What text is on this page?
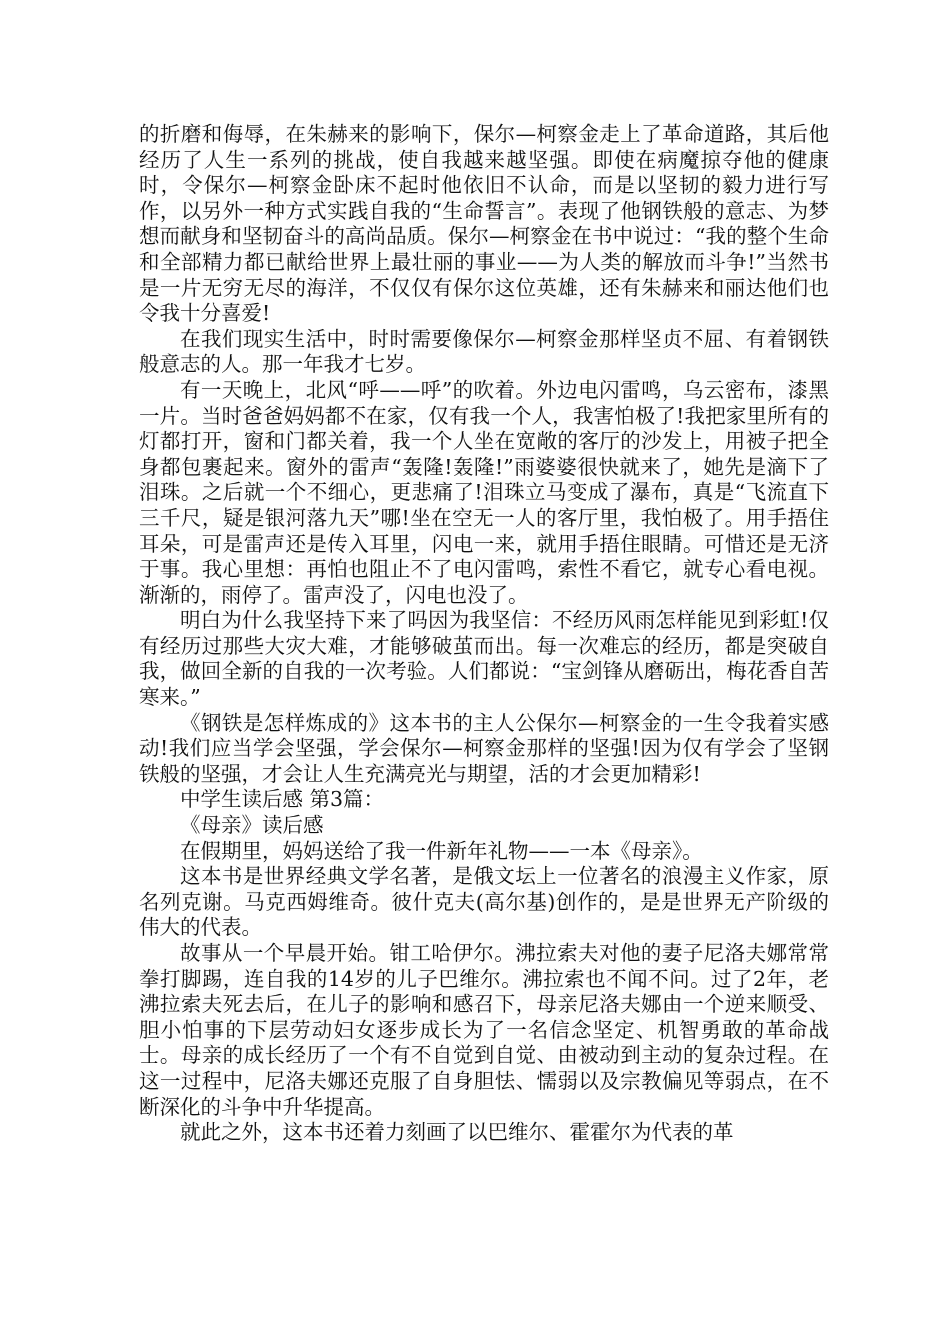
的折磨和侮辱，在朱赫来的影响下，保尔—柯察金走上了革命道路，其后他经历了人生一系列的挑战，使自我越来越坚强。即使在病魔掠夺他的健康时，令保尔—柯察金卧床不起时他依旧不认命，而是以坚韧的毅力进行写作，以另外一种方式实践自我的“生命誓言”。表现了他钢铁般的意志、为梦想而献身和坚韧奋斗的高尚品质。保尔—柯察金在书中说过：“我的整个生命和全部精力都已献给世界上最壮丽的事业——为人类的解放而斗争!”当然书是一片无穷无尽的海洋，不仅仅有保尔这位英雄，还有朱赫来和丽达他们也令我十分喜爱!

在我们现实生活中，时时需要像保尔—柯察金那样坚贞不屈、有着钢铁般意志的人。那一年我才七岁。

有一天晚上，北风“呼——呼”的吹着。外边电闪雷鸣，乌云密布，漆黑一片。当时爸爸妈妈都不在家，仅有我一个人，我害怕极了!我把家里所有的灯都打开，窗和门都关着，我一个人坐在宽敞的客厅的沙发上，用被子把全身都包裹起来。窗外的雷声“轰隆!轰隆!”雨婆婆很快就来了，她先是滴下了泪珠。之后就一个不细心，更悲痛了!泪珠立马变成了瀑布，真是“飞流直下三千尺，疑是银河落九天”哪!坐在空无一人的客厅里，我怕极了。用手捂住耳朵，可是雷声还是传入耳里，闪电一来，就用手捂住眼睛。可惜还是无济于事。我心里想：再怕也阻止不了电闪雷鸣，索性不看它，就专心看电视。渐渐的，雨停了。雷声没了，闪电也没了。

明白为什么我坚持下来了吗因为我坚信：不经历风雨怎样能见到彩虹!仅有经历过那些大灾大难，才能够破茧而出。每一次难忘的经历，都是突破自我，做回全新的自我的一次考验。人们都说：“宝剑锋从磨砺出，梅花香自苦寒来。”

《钢铁是怎样炼成的》这本书的主人公保尔—柯察金的一生令我着实感动!我们应当学会坚强，学会保尔—柯察金那样的坚强!因为仅有学会了坚钢铁般的坚强，才会让人生充满亮光与期望，活的才会更加精彩!

中学生读后感 第3篇：

《母亲》读后感

在假期里，妈妈送给了我一件新年礼物——一本《母亲》。

这本书是世界经典文学名著，是俄文坛上一位著名的浪漫主义作家，原名列克谢。马克西姆维奇。彼什克夫(高尔基)创作的，是是世界无产阶级的伟大的代表。

故事从一个早晨开始。钳工哈伊尔。沸拉索夫对他的妻子尼洛夫娜常常拳打脚踢，连自我的14岁的儿子巴维尔。沸拉索也不闻不问。过了2年，老沸拉索夫死去后，在儿子的影响和感召下，母亲尼洛夫娜由一个逆来顺受、胆小怕事的下层劳动妇女逐步成长为了一名信念坚定、机智勇敢的革命战士。母亲的成长经历了一个有不自觉到自觉、由被动到主动的复杂过程。在这一过程中，尼洛夫娜还克服了自身胆怯、懦弱以及宗教偏见等弱点，在不断深化的斗争中升华提高。

就此之外，这本书还着力刻画了以巴维尔、霍霍尔为代表的革
